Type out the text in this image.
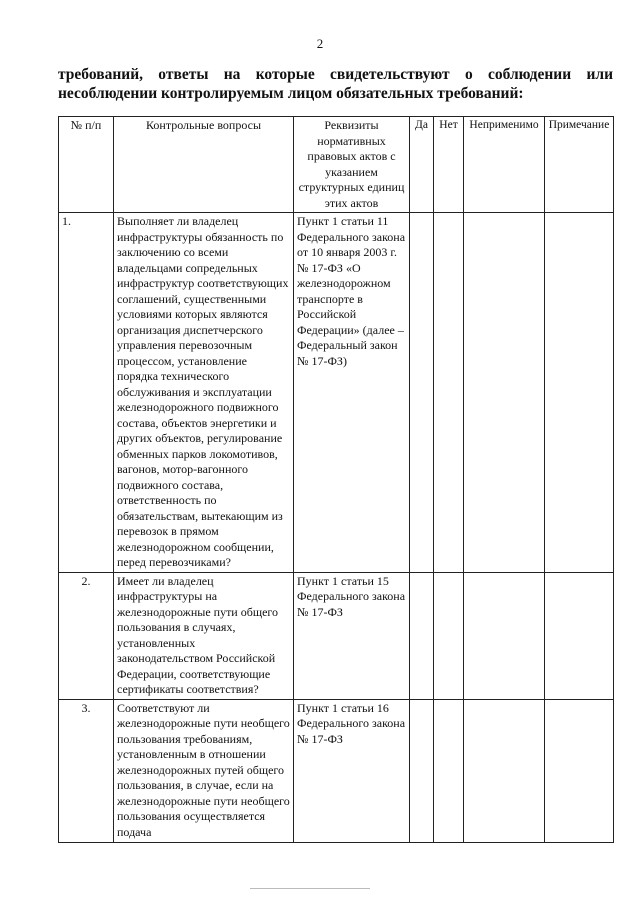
2
требований, ответы на которые свидетельствуют о соблюдении или несоблюдении контролируемым лицом обязательных требований:
№ п/п	Контрольные вопросы	Реквизиты нормативных правовых актов с указанием структурных единиц этих актов	Да	Нет	Неприменимо	Примечание
1.	Выполняет ли владелец инфраструктуры обязанность по заключению со всеми владельцами сопредельных инфраструктур соответствующих соглашений, существенными условиями которых являются организация диспетчерского управления перевозочным процессом, установление порядка технического обслуживания и эксплуатации железнодорожного подвижного состава, объектов энергетики и других объектов, регулирование обменных парков локомотивов, вагонов, мотор-вагонного подвижного состава, ответственность по обязательствам, вытекающим из перевозок в прямом железнодорожном сообщении, перед перевозчиками?	Пункт 1 статьи 11 Федерального закона от 10 января 2003 г. № 17-ФЗ «О железнодорожном транспорте в Российской Федерации» (далее – Федеральный закон № 17-ФЗ)				
2.	Имеет ли владелец инфраструктуры на железнодорожные пути общего пользования в случаях, установленных законодательством Российской Федерации, соответствующие сертификаты соответствия?	Пункт 1 статьи 15 Федерального закона № 17-ФЗ				
3.	Соответствуют ли железнодорожные пути необщего пользования требованиям, установленным в отношении железнодорожных путей общего пользования, в случае, если на железнодорожные пути необщего пользования осуществляется подача	Пункт 1 статьи 16 Федерального закона № 17-ФЗ				
